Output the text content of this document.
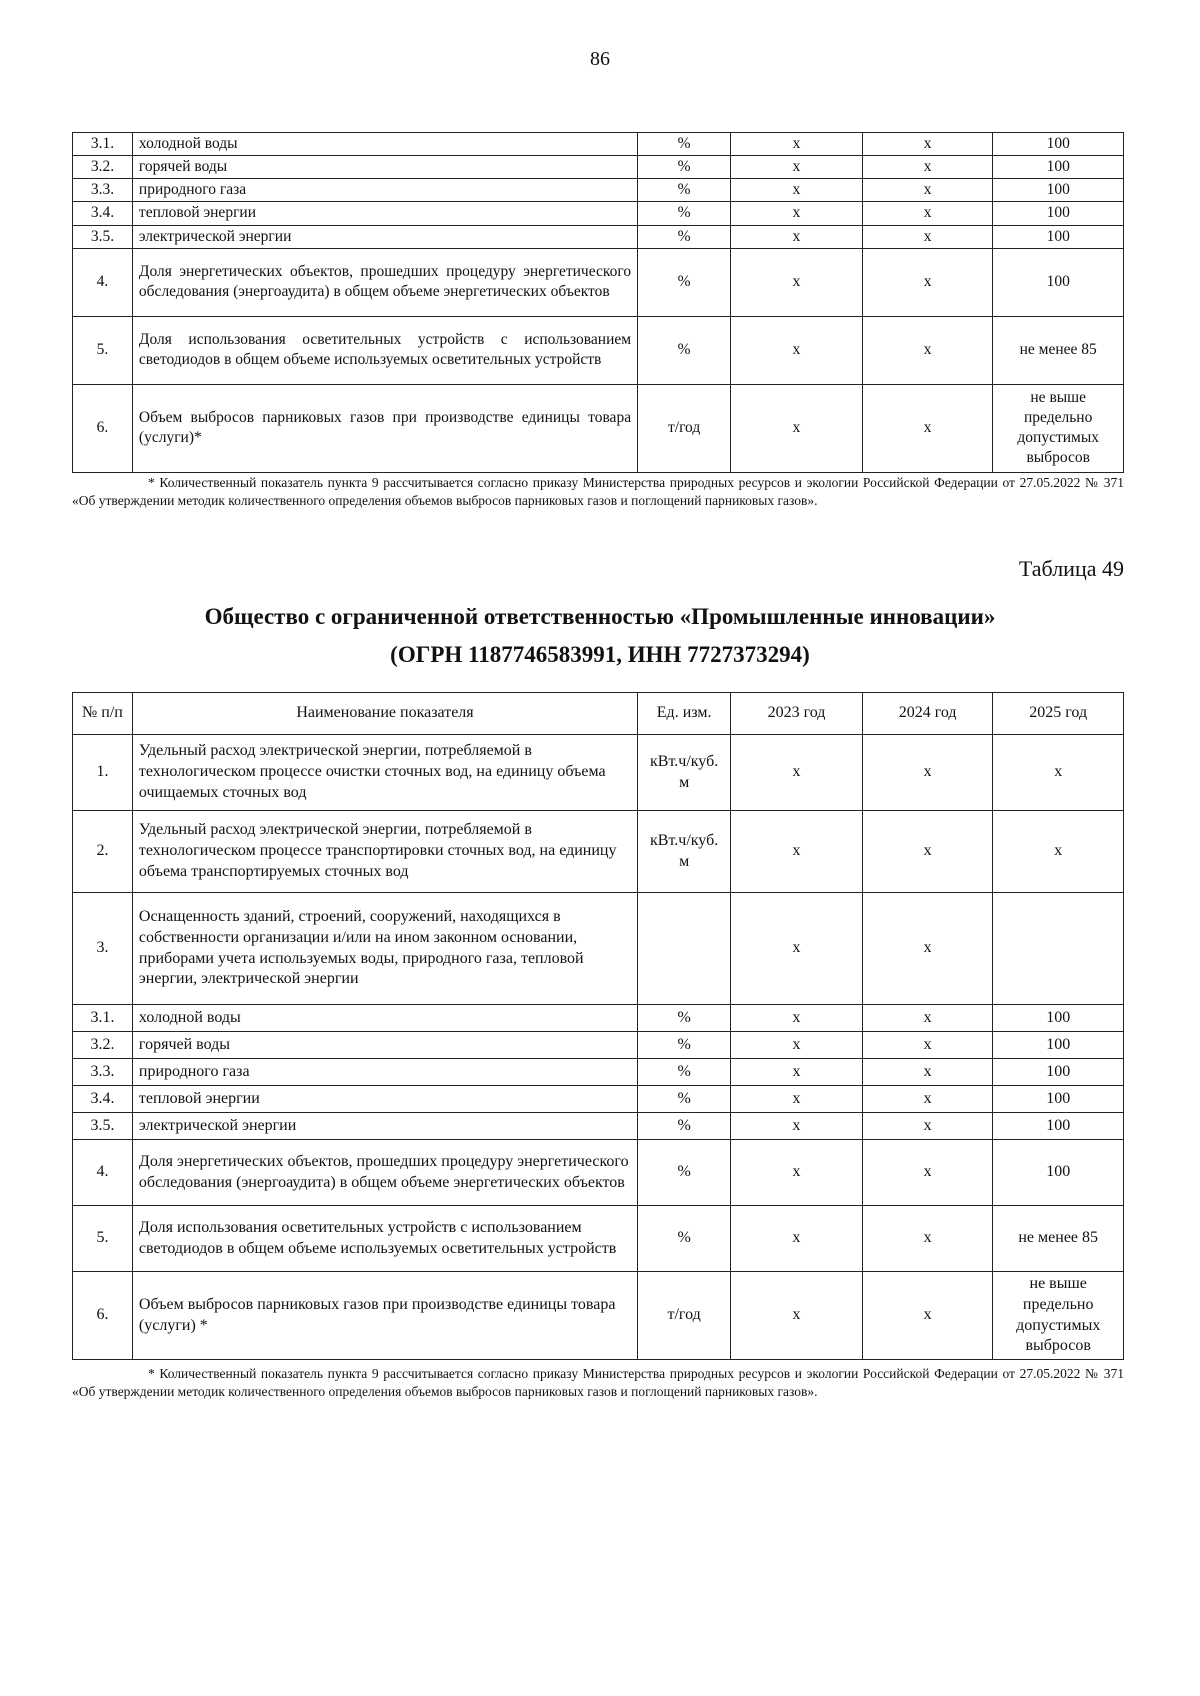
86
3.1.	холодной воды	%	x	x	100
3.2.	горячей воды	%	x	x	100
3.3.	природного газа	%	x	x	100
3.4.	тепловой энергии	%	x	x	100
3.5.	электрической энергии	%	x	x	100
4.	Доля энергетических объектов, прошедших процедуру энергетического обследования (энергоаудита) в общем объеме энергетических объектов	%	x	x	100
5.	Доля использования осветительных устройств с использованием светодиодов в общем объеме используемых осветительных устройств	%	x	x	не менее 85
6.	Объем выбросов парниковых газов при производстве единицы товара (услуги)*	т/год	x	x	не выше предельно допустимых выбросов
* Количественный показатель пункта 9 рассчитывается согласно приказу Министерства природных ресурсов и экологии Российской Федерации от 27.05.2022 № 371 «Об утверждении методик количественного определения объемов выбросов парниковых газов и поглощений парниковых газов».
Таблица 49
Общество с ограниченной ответственностью «Промышленные инновации»
(ОГРН 1187746583991, ИНН 7727373294)
№ п/п	Наименование показателя	Ед. изм.	2023 год	2024 год	2025 год
1.	Удельный расход электрической энергии, потребляемой в технологическом процессе очистки сточных вод, на единицу объема очищаемых сточных вод	кВт.ч/куб. м	x	x	x
2.	Удельный расход электрической энергии, потребляемой в технологическом процессе транспортировки сточных вод, на единицу объема транспортируемых сточных вод	кВт.ч/куб. м	x	x	x
3.	Оснащенность зданий, строений, сооружений, находящихся в собственности организации и/или на ином законном основании, приборами учета используемых воды, природного газа, тепловой энергии, электрической энергии		x	x	
3.1.	холодной воды	%	x	x	100
3.2.	горячей воды	%	x	x	100
3.3.	природного газа	%	x	x	100
3.4.	тепловой энергии	%	x	x	100
3.5.	электрической энергии	%	x	x	100
4.	Доля энергетических объектов, прошедших процедуру энергетического обследования (энергоаудита) в общем объеме энергетических объектов	%	x	x	100
5.	Доля использования осветительных устройств с использованием светодиодов в общем объеме используемых осветительных устройств	%	x	x	не менее 85
6.	Объем выбросов парниковых газов при производстве единицы товара (услуги) *	т/год	x	x	не выше предельно допустимых выбросов
* Количественный показатель пункта 9 рассчитывается согласно приказу Министерства природных ресурсов и экологии Российской Федерации от 27.05.2022 № 371 «Об утверждении методик количественного определения объемов выбросов парниковых газов и поглощений парниковых газов».
